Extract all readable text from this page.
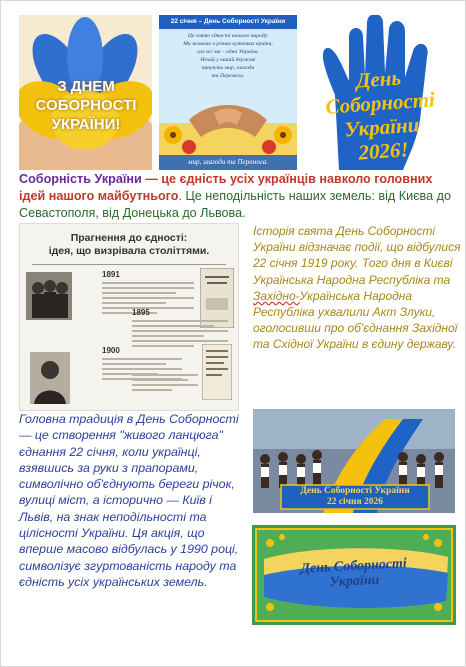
З ДНЕМ СОБОРНОСТІ УКРАЇНИ!
22 січня – День Соборності України
Це свято єдності нашого народу.
Ми живемо в різних куточках країни,
але всі ми – одна Україна.
Нехай у нашій державі
панують мир, злагода
та Перемога.
мир, злагода та Перемога.
День
Соборності
України
2026!
Соборність України — це єдність усіх українців навколо головних ідей нашого майбутнього. Це неподільність наших земель: від Києва до Севастополя, від Донецька до Львова.
Прагнення до єдності:
ідея, що визрівала століттями.
1891
1895
1900
Історія свята День Соборності України відзначає події, що відбулися 22 січня 1919 року. Того дня в Києві Українська Народна Республіка та Західно-Українська Народна Республіка ухвалили Акт Злуки, оголосивши про об'єднання Західної та Східної України в єдину державу.
Головна традиція в День Соборності — це створення "живого ланцюга" єднання 22 січня, коли українці, взявшись за руки з прапорами, символічно об'єднують береги річок, вулиці міст, а історично — Київ і Львів, на знак неподільності та цілісності України. Ця акція, що вперше масово відбулась у 1990 році, символізує згуртованість народу та єдність усіх українських земель.
День Соборності України
22 січня 2026
День Соборності
України
